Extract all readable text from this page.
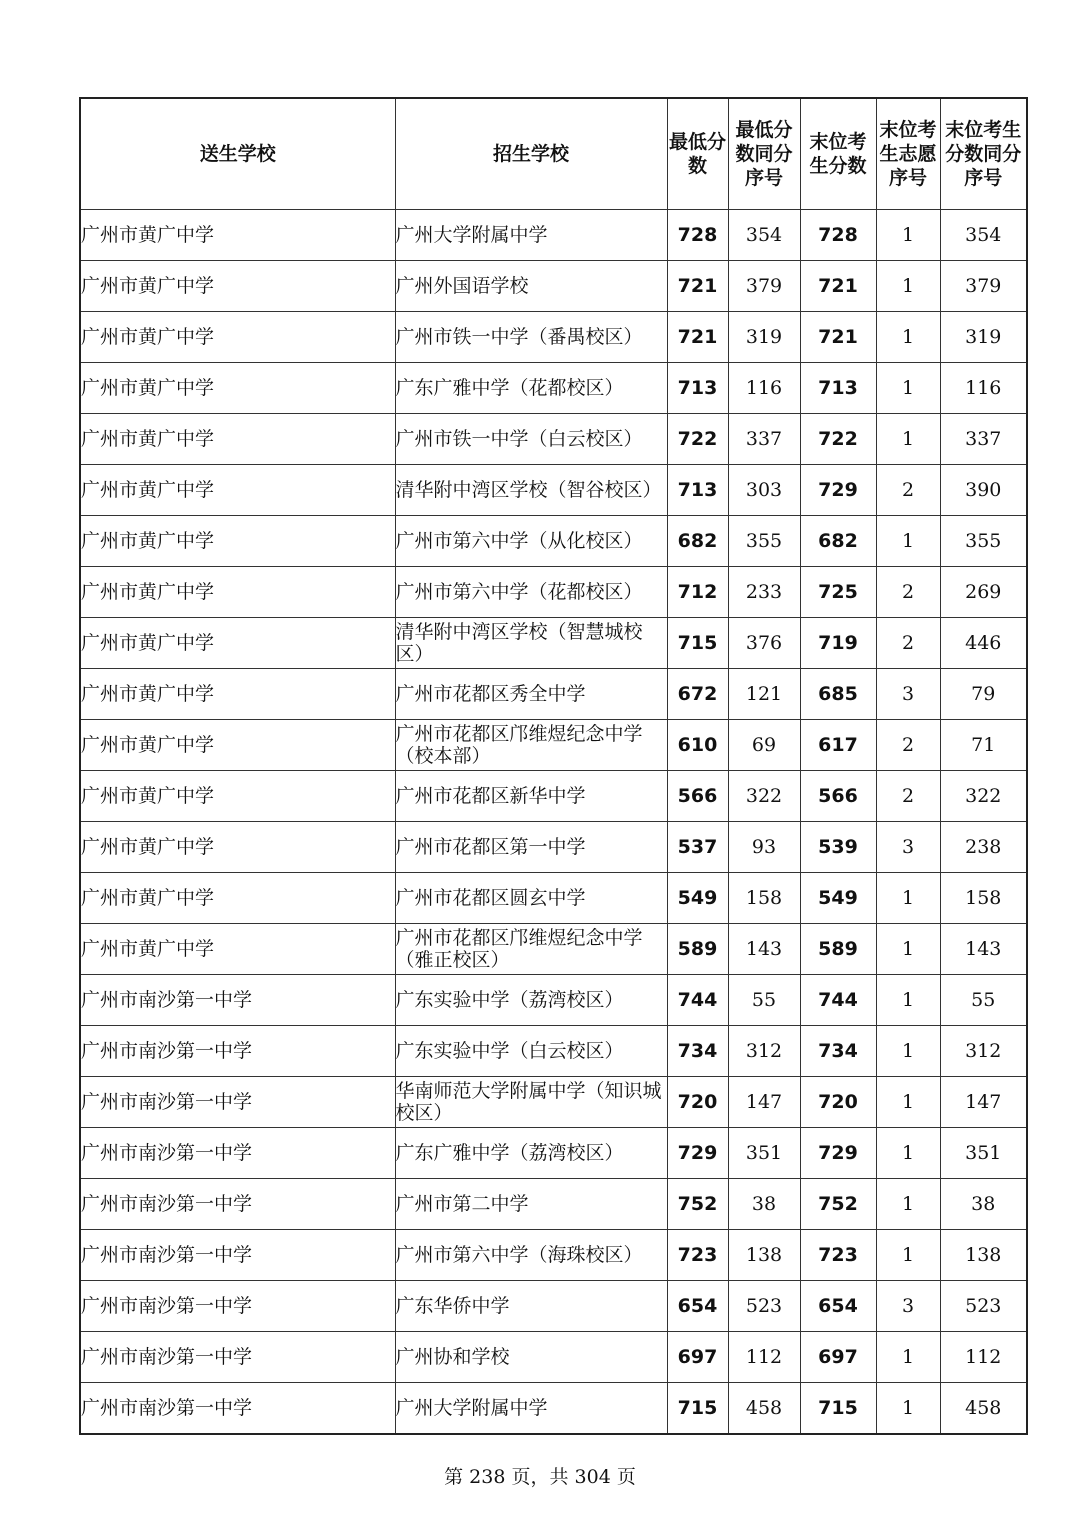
送生学校	招生学校	最低分数	最低分数同分序号	末位考生分数	末位考生志愿序号	末位考生分数同分序号
广州市黄广中学	广州大学附属中学	728	354	728	1	354
广州市黄广中学	广州外国语学校	721	379	721	1	379
广州市黄广中学	广州市铁一中学（番禺校区）	721	319	721	1	319
广州市黄广中学	广东广雅中学（花都校区）	713	116	713	1	116
广州市黄广中学	广州市铁一中学（白云校区）	722	337	722	1	337
广州市黄广中学	清华附中湾区学校（智谷校区）	713	303	729	2	390
广州市黄广中学	广州市第六中学（从化校区）	682	355	682	1	355
广州市黄广中学	广州市第六中学（花都校区）	712	233	725	2	269
广州市黄广中学	清华附中湾区学校（智慧城校区）	715	376	719	2	446
广州市黄广中学	广州市花都区秀全中学	672	121	685	3	79
广州市黄广中学	广州市花都区邝维煜纪念中学（校本部）	610	69	617	2	71
广州市黄广中学	广州市花都区新华中学	566	322	566	2	322
广州市黄广中学	广州市花都区第一中学	537	93	539	3	238
广州市黄广中学	广州市花都区圆玄中学	549	158	549	1	158
广州市黄广中学	广州市花都区邝维煜纪念中学（雅正校区）	589	143	589	1	143
广州市南沙第一中学	广东实验中学（荔湾校区）	744	55	744	1	55
广州市南沙第一中学	广东实验中学（白云校区）	734	312	734	1	312
广州市南沙第一中学	华南师范大学附属中学（知识城校区）	720	147	720	1	147
广州市南沙第一中学	广东广雅中学（荔湾校区）	729	351	729	1	351
广州市南沙第一中学	广州市第二中学	752	38	752	1	38
广州市南沙第一中学	广州市第六中学（海珠校区）	723	138	723	1	138
广州市南沙第一中学	广东华侨中学	654	523	654	3	523
广州市南沙第一中学	广州协和学校	697	112	697	1	112
广州市南沙第一中学	广州大学附属中学	715	458	715	1	458
第 238 页，共 304 页
